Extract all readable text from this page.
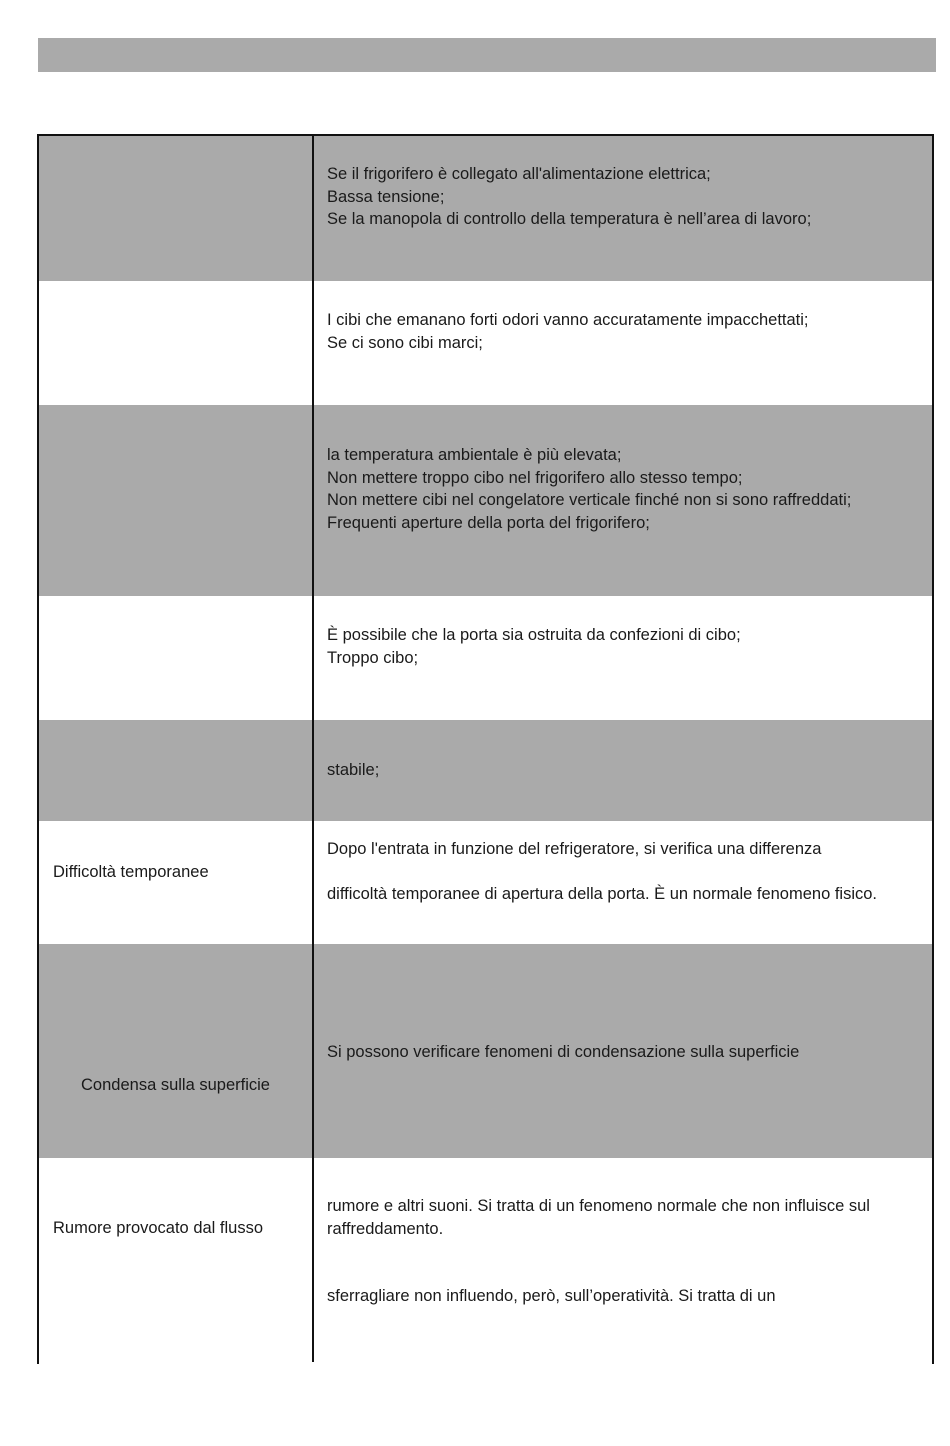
Se il frigorifero è collegato all'alimentazione elettrica;
Bassa tensione;
Se la manopola di controllo della temperatura è nell’area di lavoro;
I cibi che emanano forti odori vanno accuratamente impacchettati;
Se ci sono cibi marci;
la temperatura ambientale è più elevata;
Non mettere troppo cibo nel frigorifero allo stesso tempo;
Non mettere cibi nel congelatore verticale finché non si sono raffreddati;
Frequenti aperture della porta del frigorifero;
È possibile che la porta sia ostruita da confezioni di cibo;
Troppo cibo;
stabile;
Difficoltà temporanee
Dopo l'entrata in funzione del refrigeratore, si verifica una differenza
difficoltà temporanee di apertura della porta. È un normale fenomeno fisico.
Condensa sulla superficie
Si possono verificare fenomeni di condensazione sulla superficie
Rumore provocato dal flusso
rumore e altri suoni. Si tratta di un fenomeno normale che non influisce sul raffreddamento.
sferragliare non influendo, però, sull’operatività. Si tratta di un
